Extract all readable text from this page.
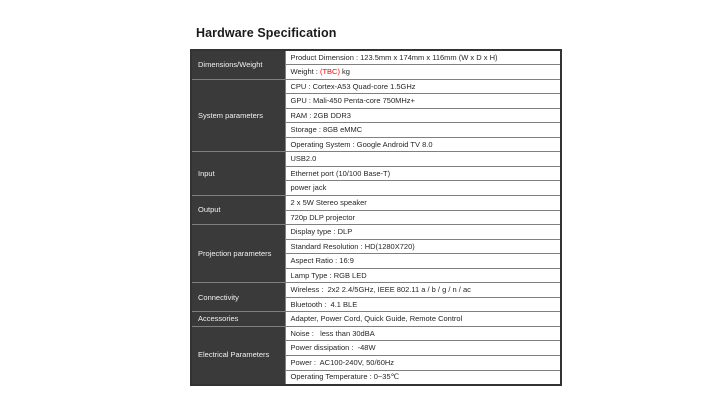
Hardware Specification
Dimensions/Weight	Product Dimension : 123.5mm x 174mm x 116mm (W x D x H)
	Weight : (TBC) kg
System parameters	CPU : Cortex-A53 Quad-core 1.5GHz
	GPU : Mali-450 Penta-core 750MHz+
	RAM : 2GB DDR3
	Storage : 8GB eMMC
	Operating System : Google Android TV 8.0
Input	USB2.0
	Ethernet port (10/100 Base-T)
	power jack
Output	2 x 5W Stereo speaker
	720p DLP projector
Projection parameters	Display type : DLP
	Standard Resolution : HD(1280X720)
	Aspect Ratio : 16:9
	Lamp Type : RGB LED
Connectivity	Wireless :  2x2 2.4/5GHz, IEEE 802.11 a / b / g / n / ac
	Bluetooth :  4.1 BLE
Accessories	Adapter, Power Cord, Quick Guide, Remote Control
Electrical Parameters	Noise :   less than 30dBA
	Power dissipation :  -48W
	Power :  AC100-240V, 50/60Hz
	Operating Temperature : 0~35℃
